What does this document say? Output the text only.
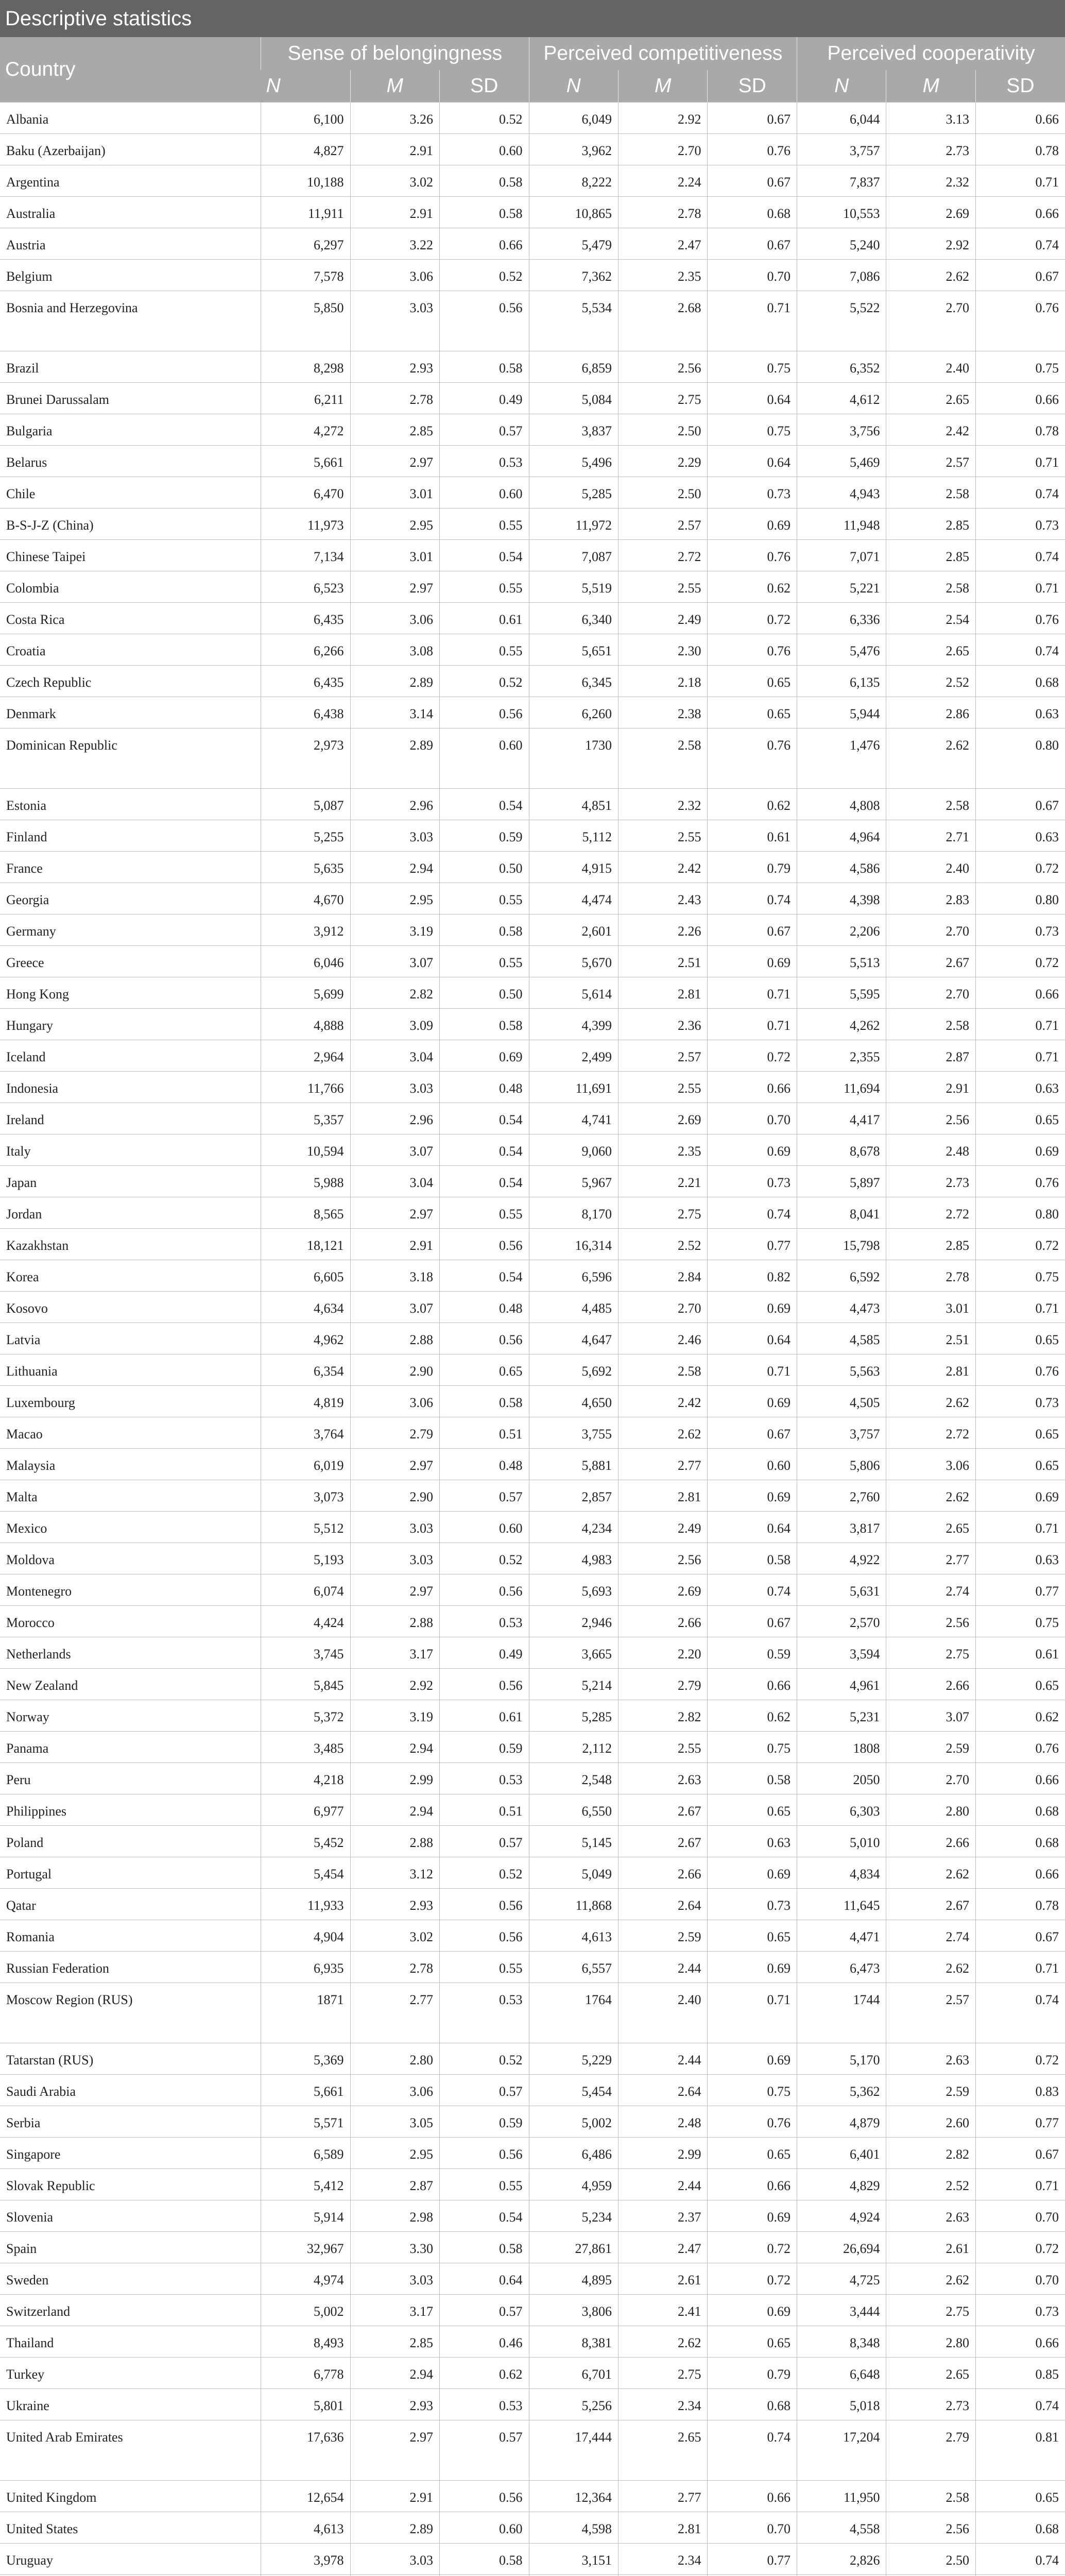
Descriptive statistics
Country	Sense of belongingness			Perceived competitiveness			Perceived cooperativity		
	N	M	SD	N	M	SD	N	M	SD
Albania	6,100	3.26	0.52	6,049	2.92	0.67	6,044	3.13	0.66
Baku (Azerbaijan)	4,827	2.91	0.60	3,962	2.70	0.76	3,757	2.73	0.78
Argentina	10,188	3.02	0.58	8,222	2.24	0.67	7,837	2.32	0.71
Australia	11,911	2.91	0.58	10,865	2.78	0.68	10,553	2.69	0.66
Austria	6,297	3.22	0.66	5,479	2.47	0.67	5,240	2.92	0.74
Belgium	7,578	3.06	0.52	7,362	2.35	0.70	7,086	2.62	0.67
Bosnia and Herzegovina	5,850	3.03	0.56	5,534	2.68	0.71	5,522	2.70	0.76
Brazil	8,298	2.93	0.58	6,859	2.56	0.75	6,352	2.40	0.75
Brunei Darussalam	6,211	2.78	0.49	5,084	2.75	0.64	4,612	2.65	0.66
Bulgaria	4,272	2.85	0.57	3,837	2.50	0.75	3,756	2.42	0.78
Belarus	5,661	2.97	0.53	5,496	2.29	0.64	5,469	2.57	0.71
Chile	6,470	3.01	0.60	5,285	2.50	0.73	4,943	2.58	0.74
B-S-J-Z (China)	11,973	2.95	0.55	11,972	2.57	0.69	11,948	2.85	0.73
Chinese Taipei	7,134	3.01	0.54	7,087	2.72	0.76	7,071	2.85	0.74
Colombia	6,523	2.97	0.55	5,519	2.55	0.62	5,221	2.58	0.71
Costa Rica	6,435	3.06	0.61	6,340	2.49	0.72	6,336	2.54	0.76
Croatia	6,266	3.08	0.55	5,651	2.30	0.76	5,476	2.65	0.74
Czech Republic	6,435	2.89	0.52	6,345	2.18	0.65	6,135	2.52	0.68
Denmark	6,438	3.14	0.56	6,260	2.38	0.65	5,944	2.86	0.63
Dominican Republic	2,973	2.89	0.60	1730	2.58	0.76	1,476	2.62	0.80
Estonia	5,087	2.96	0.54	4,851	2.32	0.62	4,808	2.58	0.67
Finland	5,255	3.03	0.59	5,112	2.55	0.61	4,964	2.71	0.63
France	5,635	2.94	0.50	4,915	2.42	0.79	4,586	2.40	0.72
Georgia	4,670	2.95	0.55	4,474	2.43	0.74	4,398	2.83	0.80
Germany	3,912	3.19	0.58	2,601	2.26	0.67	2,206	2.70	0.73
Greece	6,046	3.07	0.55	5,670	2.51	0.69	5,513	2.67	0.72
Hong Kong	5,699	2.82	0.50	5,614	2.81	0.71	5,595	2.70	0.66
Hungary	4,888	3.09	0.58	4,399	2.36	0.71	4,262	2.58	0.71
Iceland	2,964	3.04	0.69	2,499	2.57	0.72	2,355	2.87	0.71
Indonesia	11,766	3.03	0.48	11,691	2.55	0.66	11,694	2.91	0.63
Ireland	5,357	2.96	0.54	4,741	2.69	0.70	4,417	2.56	0.65
Italy	10,594	3.07	0.54	9,060	2.35	0.69	8,678	2.48	0.69
Japan	5,988	3.04	0.54	5,967	2.21	0.73	5,897	2.73	0.76
Jordan	8,565	2.97	0.55	8,170	2.75	0.74	8,041	2.72	0.80
Kazakhstan	18,121	2.91	0.56	16,314	2.52	0.77	15,798	2.85	0.72
Korea	6,605	3.18	0.54	6,596	2.84	0.82	6,592	2.78	0.75
Kosovo	4,634	3.07	0.48	4,485	2.70	0.69	4,473	3.01	0.71
Latvia	4,962	2.88	0.56	4,647	2.46	0.64	4,585	2.51	0.65
Lithuania	6,354	2.90	0.65	5,692	2.58	0.71	5,563	2.81	0.76
Luxembourg	4,819	3.06	0.58	4,650	2.42	0.69	4,505	2.62	0.73
Macao	3,764	2.79	0.51	3,755	2.62	0.67	3,757	2.72	0.65
Malaysia	6,019	2.97	0.48	5,881	2.77	0.60	5,806	3.06	0.65
Malta	3,073	2.90	0.57	2,857	2.81	0.69	2,760	2.62	0.69
Mexico	5,512	3.03	0.60	4,234	2.49	0.64	3,817	2.65	0.71
Moldova	5,193	3.03	0.52	4,983	2.56	0.58	4,922	2.77	0.63
Montenegro	6,074	2.97	0.56	5,693	2.69	0.74	5,631	2.74	0.77
Morocco	4,424	2.88	0.53	2,946	2.66	0.67	2,570	2.56	0.75
Netherlands	3,745	3.17	0.49	3,665	2.20	0.59	3,594	2.75	0.61
New Zealand	5,845	2.92	0.56	5,214	2.79	0.66	4,961	2.66	0.65
Norway	5,372	3.19	0.61	5,285	2.82	0.62	5,231	3.07	0.62
Panama	3,485	2.94	0.59	2,112	2.55	0.75	1808	2.59	0.76
Peru	4,218	2.99	0.53	2,548	2.63	0.58	2050	2.70	0.66
Philippines	6,977	2.94	0.51	6,550	2.67	0.65	6,303	2.80	0.68
Poland	5,452	2.88	0.57	5,145	2.67	0.63	5,010	2.66	0.68
Portugal	5,454	3.12	0.52	5,049	2.66	0.69	4,834	2.62	0.66
Qatar	11,933	2.93	0.56	11,868	2.64	0.73	11,645	2.67	0.78
Romania	4,904	3.02	0.56	4,613	2.59	0.65	4,471	2.74	0.67
Russian Federation	6,935	2.78	0.55	6,557	2.44	0.69	6,473	2.62	0.71
Moscow Region (RUS)	1871	2.77	0.53	1764	2.40	0.71	1744	2.57	0.74
Tatarstan (RUS)	5,369	2.80	0.52	5,229	2.44	0.69	5,170	2.63	0.72
Saudi Arabia	5,661	3.06	0.57	5,454	2.64	0.75	5,362	2.59	0.83
Serbia	5,571	3.05	0.59	5,002	2.48	0.76	4,879	2.60	0.77
Singapore	6,589	2.95	0.56	6,486	2.99	0.65	6,401	2.82	0.67
Slovak Republic	5,412	2.87	0.55	4,959	2.44	0.66	4,829	2.52	0.71
Slovenia	5,914	2.98	0.54	5,234	2.37	0.69	4,924	2.63	0.70
Spain	32,967	3.30	0.58	27,861	2.47	0.72	26,694	2.61	0.72
Sweden	4,974	3.03	0.64	4,895	2.61	0.72	4,725	2.62	0.70
Switzerland	5,002	3.17	0.57	3,806	2.41	0.69	3,444	2.75	0.73
Thailand	8,493	2.85	0.46	8,381	2.62	0.65	8,348	2.80	0.66
Turkey	6,778	2.94	0.62	6,701	2.75	0.79	6,648	2.65	0.85
Ukraine	5,801	2.93	0.53	5,256	2.34	0.68	5,018	2.73	0.74
United Arab Emirates	17,636	2.97	0.57	17,444	2.65	0.74	17,204	2.79	0.81
United Kingdom	12,654	2.91	0.56	12,364	2.77	0.66	11,950	2.58	0.65
United States	4,613	2.89	0.60	4,598	2.81	0.70	4,558	2.56	0.68
Uruguay	3,978	3.03	0.58	3,151	2.34	0.77	2,826	2.50	0.74
